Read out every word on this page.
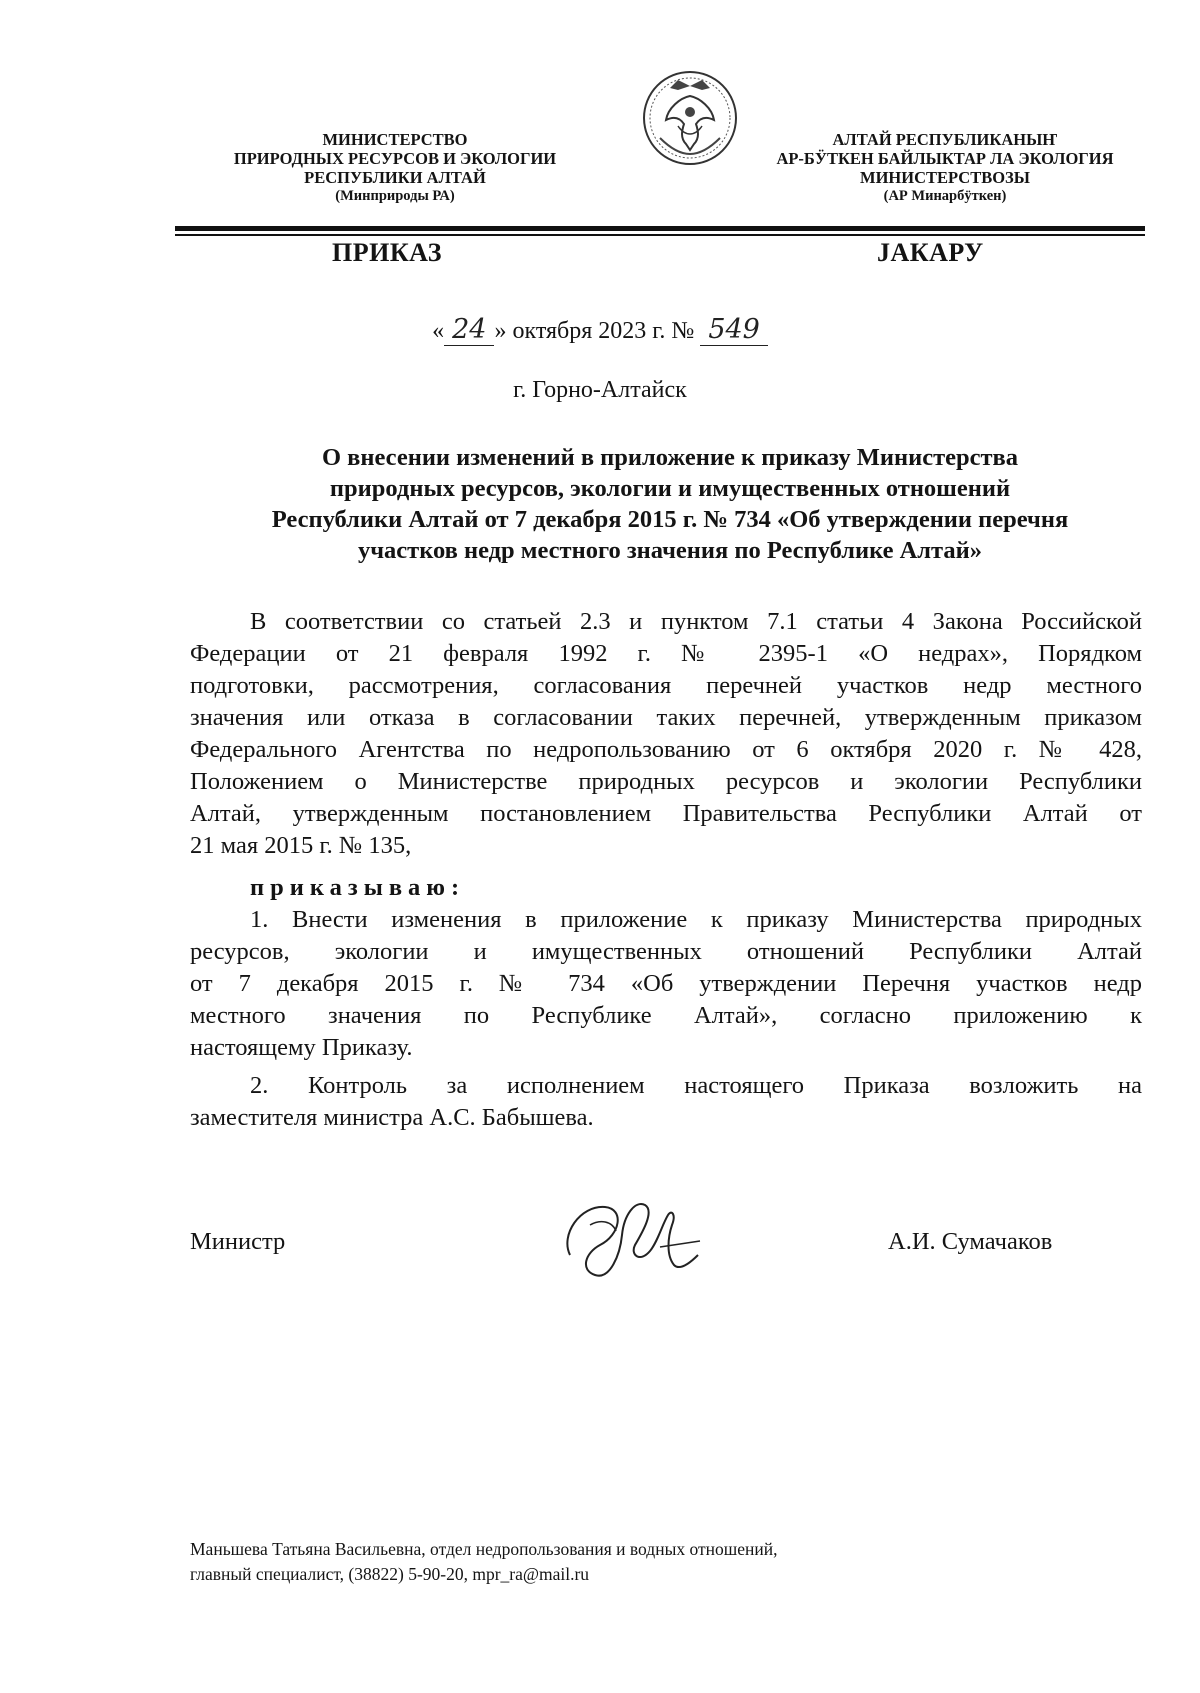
МИНИСТЕРСТВО
ПРИРОДНЫХ РЕСУРСОВ И ЭКОЛОГИИ
РЕСПУБЛИКИ АЛТАЙ
(Минприроды РА)
АЛТАЙ РЕСПУБЛИКАНЫҤ
АР-БӰТКЕН БАЙЛЫКТАР ЛА ЭКОЛОГИЯ
МИНИСТЕРСТВОЗЫ
(АР Минарбӱткен)
ПРИКАЗ	JАКАРУ
« 24 » октября 2023 г. № 549
г. Горно-Алтайск
О внесении изменений в приложение к приказу Министерства
природных ресурсов, экологии и имущественных отношений
Республики Алтай от 7 декабря 2015 г. № 734 «Об утверждении перечня
участков недр местного значения по Республике Алтай»
В соответствии со статьей 2.3 и пунктом 7.1 статьи 4 Закона Российской
Федерации от 21 февраля 1992 г. № 2395-1 «О недрах», Порядком
подготовки, рассмотрения, согласования перечней участков недр местного
значения или отказа в согласовании таких перечней, утвержденным приказом
Федерального Агентства по недропользованию от 6 октября 2020 г. № 428,
Положением о Министерстве природных ресурсов и экологии Республики
Алтай, утвержденным постановлением Правительства Республики Алтай от
21 мая 2015 г. № 135,
приказываю:
1. Внести изменения в приложение к приказу Министерства природных
ресурсов, экологии и имущественных отношений Республики Алтай
от 7 декабря 2015 г. № 734 «Об утверждении Перечня участков недр
местного значения по Республике Алтай», согласно приложению к
настоящему Приказу.
2. Контроль за исполнением настоящего Приказа возложить на
заместителя министра А.С. Бабышева.
Министр	А.И. Сумачаков
Маньшева Татьяна Васильевна, отдел недропользования и водных отношений,
главный специалист, (38822) 5-90-20, mpr_ra@mail.ru
